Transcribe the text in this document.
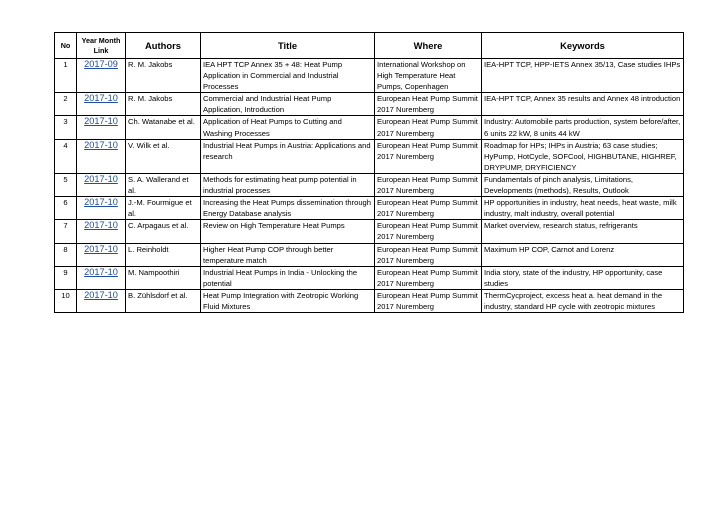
No	Year Month Link	Authors	Title	Where	Keywords
1	2017-09	R. M. Jakobs	IEA HPT TCP Annex 35 + 48: Heat Pump Application in Commercial and Industrial Processes	International Workshop on High Temperature Heat Pumps, Copenhagen	IEA-HPT TCP, HPP-IETS Annex 35/13, Case studies IHPs
2	2017-10	R. M. Jakobs	Commercial and Industrial Heat Pump Application, Introduction	European Heat Pump Summit 2017 Nuremberg	IEA-HPT TCP, Annex 35 results and Annex 48 introduction
3	2017-10	Ch. Watanabe et al.	Application of Heat Pumps to Cutting and Washing Processes	European Heat Pump Summit 2017 Nuremberg	Industry: Automobile parts production, system before/after, 6 units 22 kW, 8 units 44 kW
4	2017-10	V. Wilk et al.	Industrial Heat Pumps in Austria: Applications and research	European Heat Pump Summit 2017 Nuremberg	Roadmap for HPs; IHPs in Austria; 63 case studies; HyPump, HotCycle, SOFCool, HIGHBUTANE, HIGHREF, DRYPUMP, DRYFICIENCY
5	2017-10	S. A. Wallerand et al.	Methods for estimating heat pump potential in industrial processes	European Heat Pump Summit 2017 Nuremberg	Fundamentals of pinch analysis, Limitations, Developments (methods), Results, Outlook
6	2017-10	J.-M. Fourmigue et al.	Increasing the Heat Pumps dissemination through Energy Database analysis	European Heat Pump Summit 2017 Nuremberg	HP opportunities in industry, heat needs, heat waste, milk industry, malt industry, overall potential
7	2017-10	C. Arpagaus et al.	Review on High Temperature Heat Pumps	European Heat Pump Summit 2017 Nuremberg	Market overview, research status, refrigerants
8	2017-10	L. Reinholdt	Higher Heat Pump COP through better temperature match	European Heat Pump Summit 2017 Nuremberg	Maximum HP COP, Carnot and Lorenz
9	2017-10	M. Nampoothiri	Industrial Heat Pumps in India - Unlocking the potential	European Heat Pump Summit 2017 Nuremberg	India story, state of the industry, HP opportunity, case studies
10	2017-10	B. Zühlsdorf et al.	Heat Pump Integration with Zeotropic Working Fluid Mixtures	European Heat Pump Summit 2017 Nuremberg	ThermCycproject, excess heat a. heat demand in the industry, standard HP cycle with zeotropic mixtures
